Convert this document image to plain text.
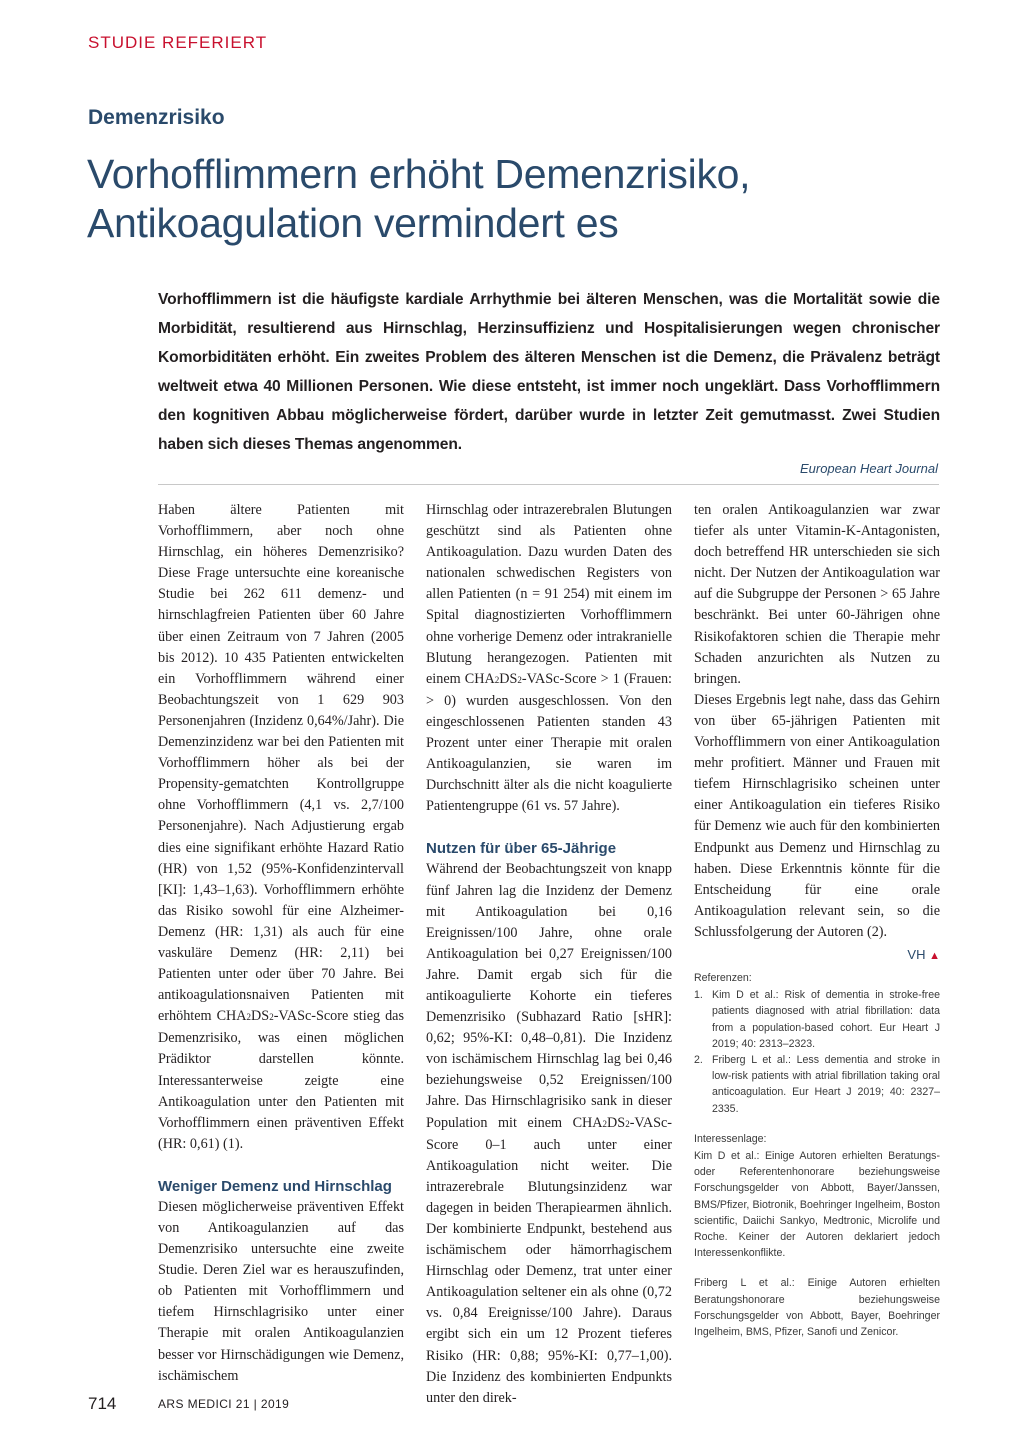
STUDIE REFERIERT
Demenzrisiko
Vorhofflimmern erhöht Demenzrisiko,
Antikoagulation vermindert es

Vorhofflimmern ist die häufigste kardiale Arrhythmie bei älteren Menschen, was die Mortalität sowie die Morbidität, resultierend aus Hirnschlag, Herzinsuffizienz und Hospitalisierungen wegen chronischer Komorbiditäten erhöht. Ein zweites Problem des älteren Menschen ist die Demenz, die Prävalenz beträgt weltweit etwa 40 Millionen Personen. Wie diese entsteht, ist immer noch ungeklärt. Dass Vorhofflimmern den kognitiven Abbau möglicherweise fördert, darüber wurde in letzter Zeit gemutmasst. Zwei Studien haben sich dieses Themas angenommen.

European Heart Journal

Haben ältere Patienten mit Vorhofflimmern, aber noch ohne Hirnschlag, ein höheres Demenzrisiko? Diese Frage untersuchte eine koreanische Studie bei 262 611 demenz- und hirnschlagfreien Patienten über 60 Jahre über einen Zeitraum von 7 Jahren (2005 bis 2012). 10 435 Patienten entwickelten ein Vorhofflimmern während einer Beobachtungszeit von 1 629 903 Personenjahren (Inzidenz 0,64%/Jahr). Die Demenzinzidenz war bei den Patienten mit Vorhofflimmern höher als bei der Propensity-gematchten Kontrollgruppe ohne Vorhofflimmern (4,1 vs. 2,7/100 Personenjahre). Nach Adjustierung ergab dies eine signifikant erhöhte Hazard Ratio (HR) von 1,52 (95%-Konfidenzintervall [KI]: 1,43–1,63). Vorhofflimmern erhöhte das Risiko sowohl für eine Alzheimer-Demenz (HR: 1,31) als auch für eine vaskuläre Demenz (HR: 2,11) bei Patienten unter oder über 70 Jahre. Bei antikoagulationsnaiven Patienten mit erhöhtem CHA2DS2-VASc-Score stieg das Demenzrisiko, was einen möglichen Prädiktor darstellen könnte. Interessanterweise zeigte eine Antikoagulation unter den Patienten mit Vorhofflimmern einen präventiven Effekt (HR: 0,61) (1).

Weniger Demenz und Hirnschlag

Diesen möglicherweise präventiven Effekt von Antikoagulanzien auf das Demenzrisiko untersuchte eine zweite Studie. Deren Ziel war es herauszufinden, ob Patienten mit Vorhofflimmern und tiefem Hirnschlagrisiko unter einer Therapie mit oralen Antikoagulanzien besser vor Hirnschädigungen wie Demenz, ischämischem

Hirnschlag oder intrazerebralen Blutungen geschützt sind als Patienten ohne Antikoagulation. Dazu wurden Daten des nationalen schwedischen Registers von allen Patienten (n = 91 254) mit einem im Spital diagnostizierten Vorhofflimmern ohne vorherige Demenz oder intrakranielle Blutung herangezogen. Patienten mit einem CHA2DS2-VASc-Score > 1 (Frauen: > 0) wurden ausgeschlossen. Von den eingeschlossenen Patienten standen 43 Prozent unter einer Therapie mit oralen Antikoagulanzien, sie waren im Durchschnitt älter als die nicht koagulierte Patientengruppe (61 vs. 57 Jahre).

Nutzen für über 65-Jährige

Während der Beobachtungszeit von knapp fünf Jahren lag die Inzidenz der Demenz mit Antikoagulation bei 0,16 Ereignissen/100 Jahre, ohne orale Antikoagulation bei 0,27 Ereignissen/100 Jahre. Damit ergab sich für die antikoagulierte Kohorte ein tieferes Demenzrisiko (Subhazard Ratio [sHR]: 0,62; 95%-KI: 0,48–0,81). Die Inzidenz von ischämischem Hirnschlag lag bei 0,46 beziehungsweise 0,52 Ereignissen/100 Jahre. Das Hirnschlagrisiko sank in dieser Population mit einem CHA2DS2-VASc-Score 0–1 auch unter einer Antikoagulation nicht weiter. Die intrazerebrale Blutungsinzidenz war dagegen in beiden Therapiearmen ähnlich. Der kombinierte Endpunkt, bestehend aus ischämischem oder hämorrhagischem Hirnschlag oder Demenz, trat unter einer Antikoagulation seltener ein als ohne (0,72 vs. 0,84 Ereignisse/100 Jahre). Daraus ergibt sich ein um 12 Prozent tieferes Risiko (HR: 0,88; 95%-KI: 0,77–1,00). Die Inzidenz des kombinierten Endpunkts unter den direk-

ten oralen Antikoagulanzien war zwar tiefer als unter Vitamin-K-Antagonisten, doch betreffend HR unterschieden sie sich nicht. Der Nutzen der Antikoagulation war auf die Subgruppe der Personen > 65 Jahre beschränkt. Bei unter 60-Jährigen ohne Risikofaktoren schien die Therapie mehr Schaden anzurichten als Nutzen zu bringen.

Dieses Ergebnis legt nahe, dass das Gehirn von über 65-jährigen Patienten mit Vorhofflimmern von einer Antikoagulation mehr profitiert. Männer und Frauen mit tiefem Hirnschlagrisiko scheinen unter einer Antikoagulation ein tieferes Risiko für Demenz wie auch für den kombinierten Endpunkt aus Demenz und Hirnschlag zu haben. Diese Erkenntnis könnte für die Entscheidung für eine orale Antikoagulation relevant sein, so die Schlussfolgerung der Autoren (2).

VH ▲

Referenzen:

1. Kim D et al.: Risk of dementia in stroke-free patients diagnosed with atrial fibrillation: data from a population-based cohort. Eur Heart J 2019; 40: 2313–2323.
2. Friberg L et al.: Less dementia and stroke in low-risk patients with atrial fibrillation taking oral anticoagulation. Eur Heart J 2019; 40: 2327–2335.

Interessenlage:

Kim D et al.: Einige Autoren erhielten Beratungs- oder Referentenhonorare beziehungsweise Forschungsgelder von Abbott, Bayer/Janssen, BMS/Pfizer, Biotronik, Boehringer Ingelheim, Boston scientific, Daiichi Sankyo, Medtronic, Microlife und Roche. Keiner der Autoren deklariert jedoch Interessenkonflikte.

Friberg L et al.: Einige Autoren erhielten Beratungshonorare beziehungsweise Forschungsgelder von Abbott, Bayer, Boehringer Ingelheim, BMS, Pfizer, Sanofi und Zenicor.

714	ARS MEDICI 21 | 2019
